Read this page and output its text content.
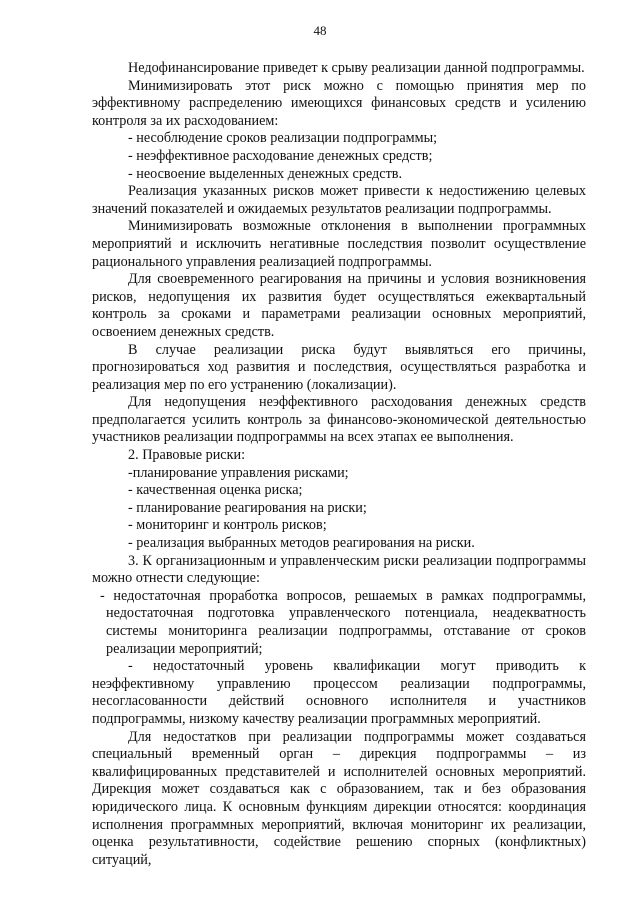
48

Недофинансирование приведет к срыву реализации данной подпрограммы.

Минимизировать этот риск можно с помощью принятия мер по эффективному распределению имеющихся финансовых средств и усилению контроля за их расходованием:

- несоблюдение сроков реализации подпрограммы;

- неэффективное расходование денежных средств;

- неосвоение выделенных денежных средств.

Реализация указанных рисков может привести к недостижению целевых значений показателей и ожидаемых результатов реализации подпрограммы.

Минимизировать возможные отклонения в выполнении программных мероприятий и исключить негативные последствия позволит осуществление рационального управления реализацией подпрограммы.

Для своевременного реагирования на причины и условия возникновения рисков, недопущения их развития будет осуществляться ежеквартальный контроль за сроками и параметрами реализации основных мероприятий, освоением денежных средств.

В случае реализации риска будут выявляться его причины, прогнозироваться ход развития и последствия, осуществляться разработка и реализация мер по его устранению (локализации).

Для недопущения неэффективного расходования денежных средств предполагается усилить контроль за финансово-экономической деятельностью участников реализации подпрограммы на всех этапах ее выполнения.

2. Правовые риски:

-планирование управления рисками;

- качественная оценка риска;

- планирование реагирования на риски;

- мониторинг и контроль рисков;

- реализация выбранных методов реагирования на риски.

3. К организационным и управленческим риски реализации подпрограммы можно отнести следующие:

- недостаточная проработка вопросов, решаемых в рамках подпрограммы, недостаточная подготовка управленческого потенциала, неадекватность системы мониторинга реализации подпрограммы, отставание от сроков реализации мероприятий;

- недостаточный уровень квалификации могут приводить к неэффективному управлению процессом реализации подпрограммы, несогласованности действий основного исполнителя и участников подпрограммы, низкому качеству реализации программных мероприятий.

Для недостатков при реализации подпрограммы может создаваться специальный временный орган – дирекция подпрограммы – из квалифицированных представителей и исполнителей основных мероприятий. Дирекция может создаваться как с образованием, так и без образования юридического лица. К основным функциям дирекции относятся: координация исполнения программных мероприятий, включая мониторинг их реализации, оценка результативности, содействие решению спорных (конфликтных) ситуаций,
